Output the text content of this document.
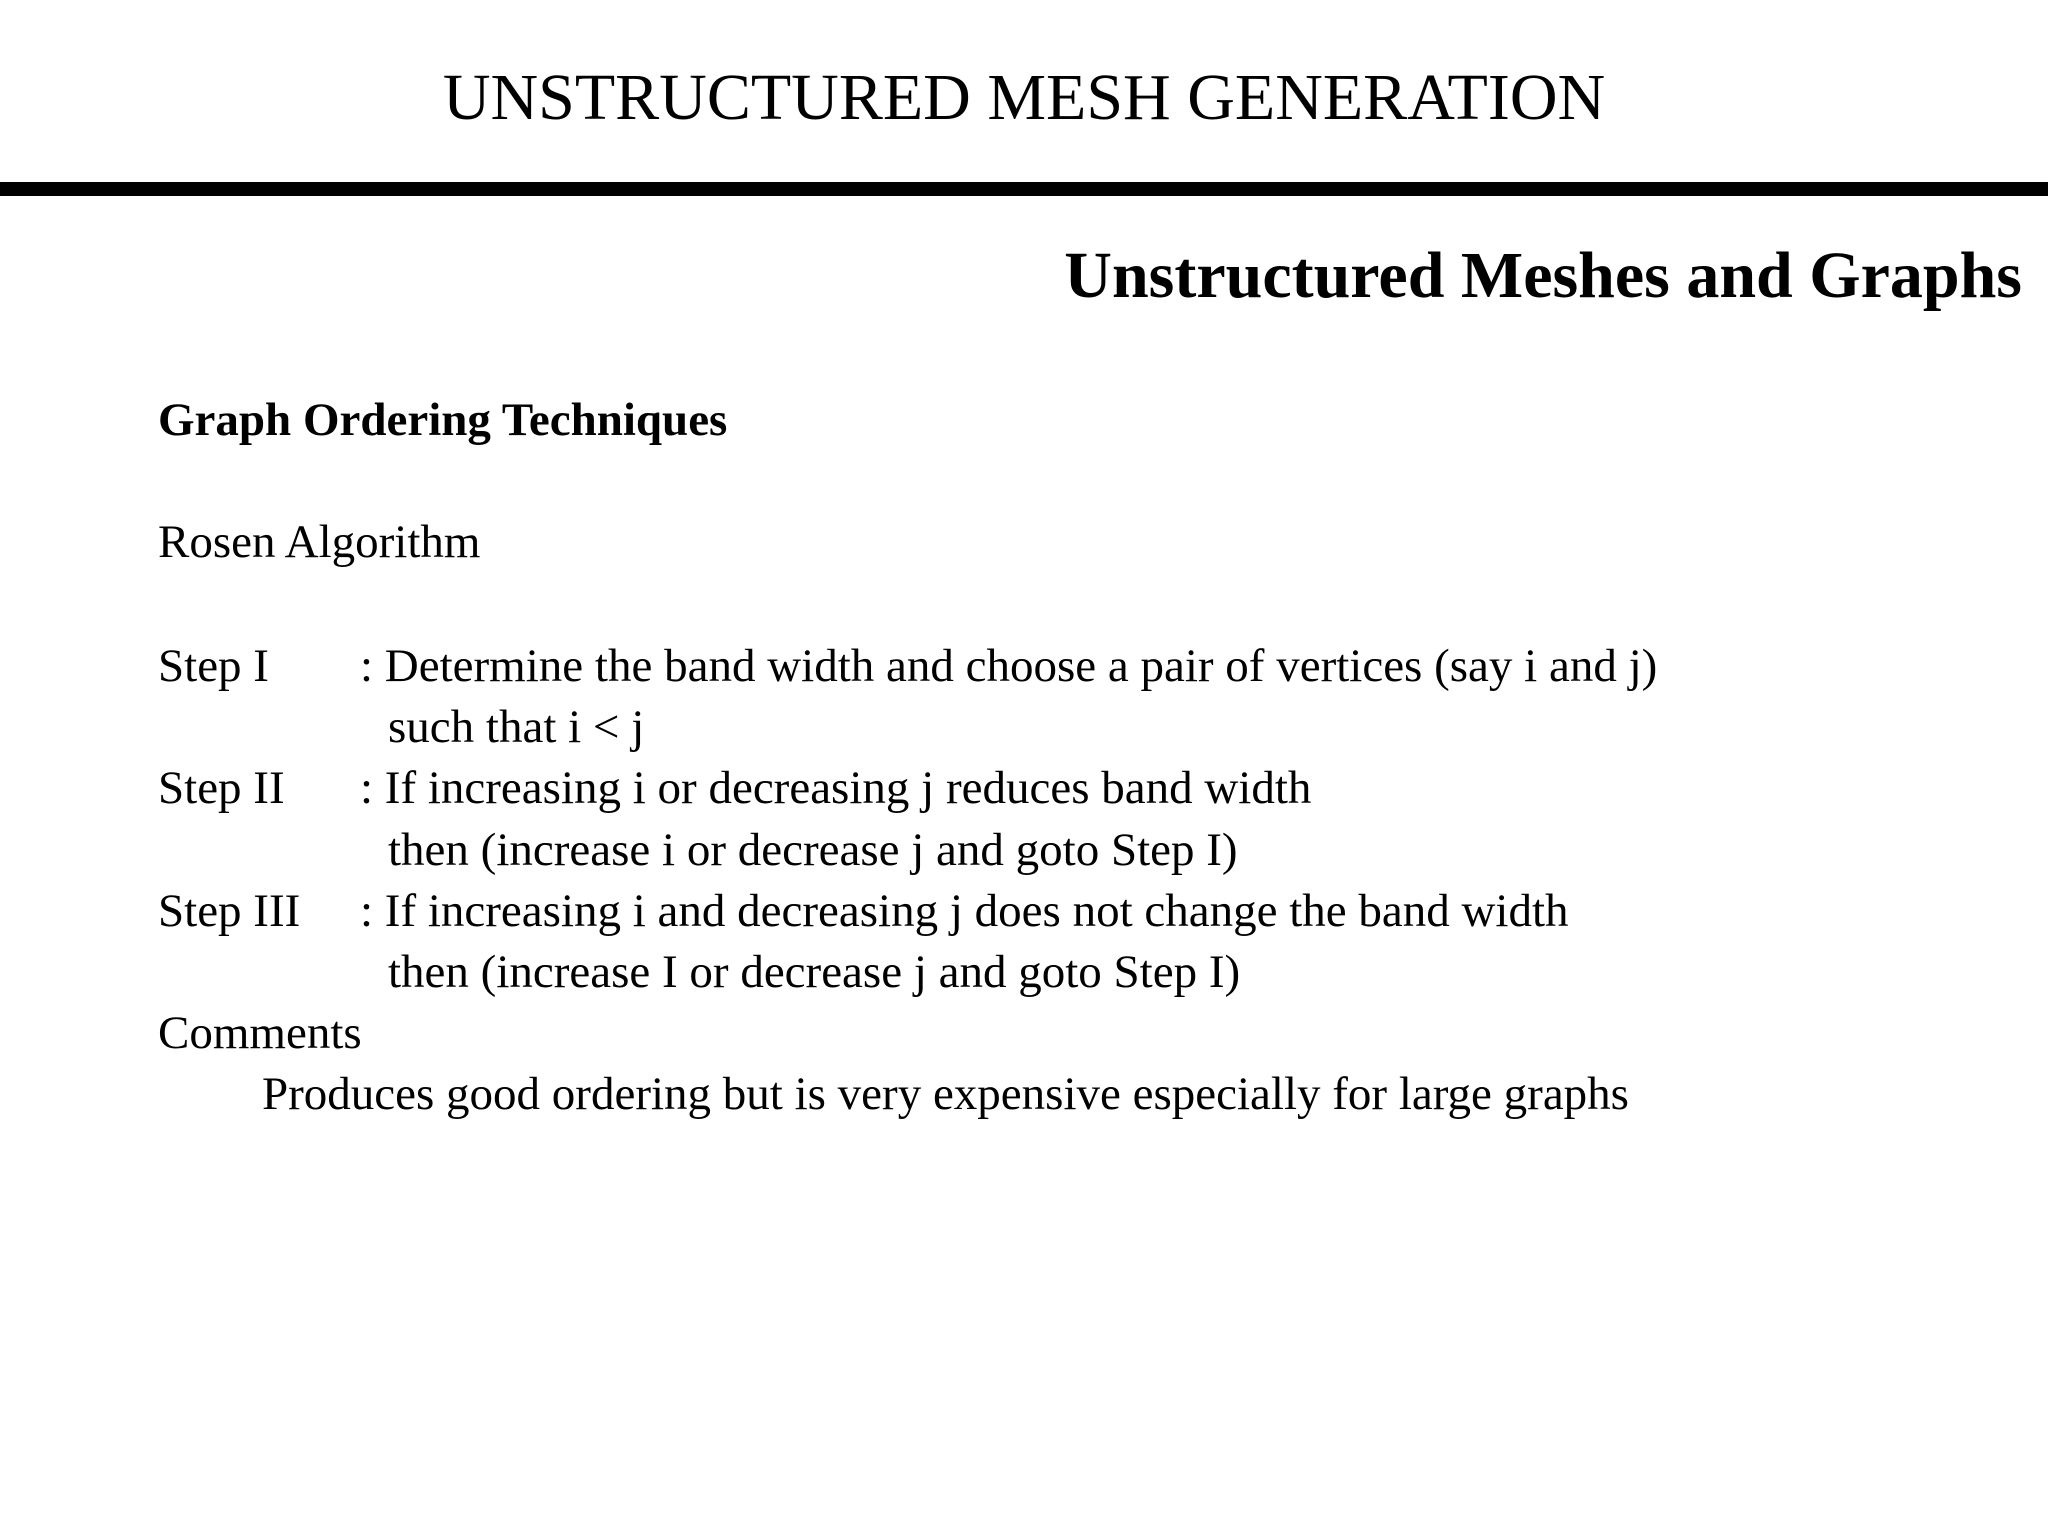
UNSTRUCTURED MESH GENERATION
Unstructured Meshes and Graphs
Graph Ordering Techniques
Rosen Algorithm
Step I : Determine the band width and choose a pair of vertices (say i and j)
such that i < j
Step II : If increasing i or decreasing j reduces band width
then (increase i or decrease j and goto Step I)
Step III : If increasing i and decreasing j does not change the band width
then (increase I or decrease j and goto Step I)
Comments
Produces good ordering but is very expensive especially for large graphs
